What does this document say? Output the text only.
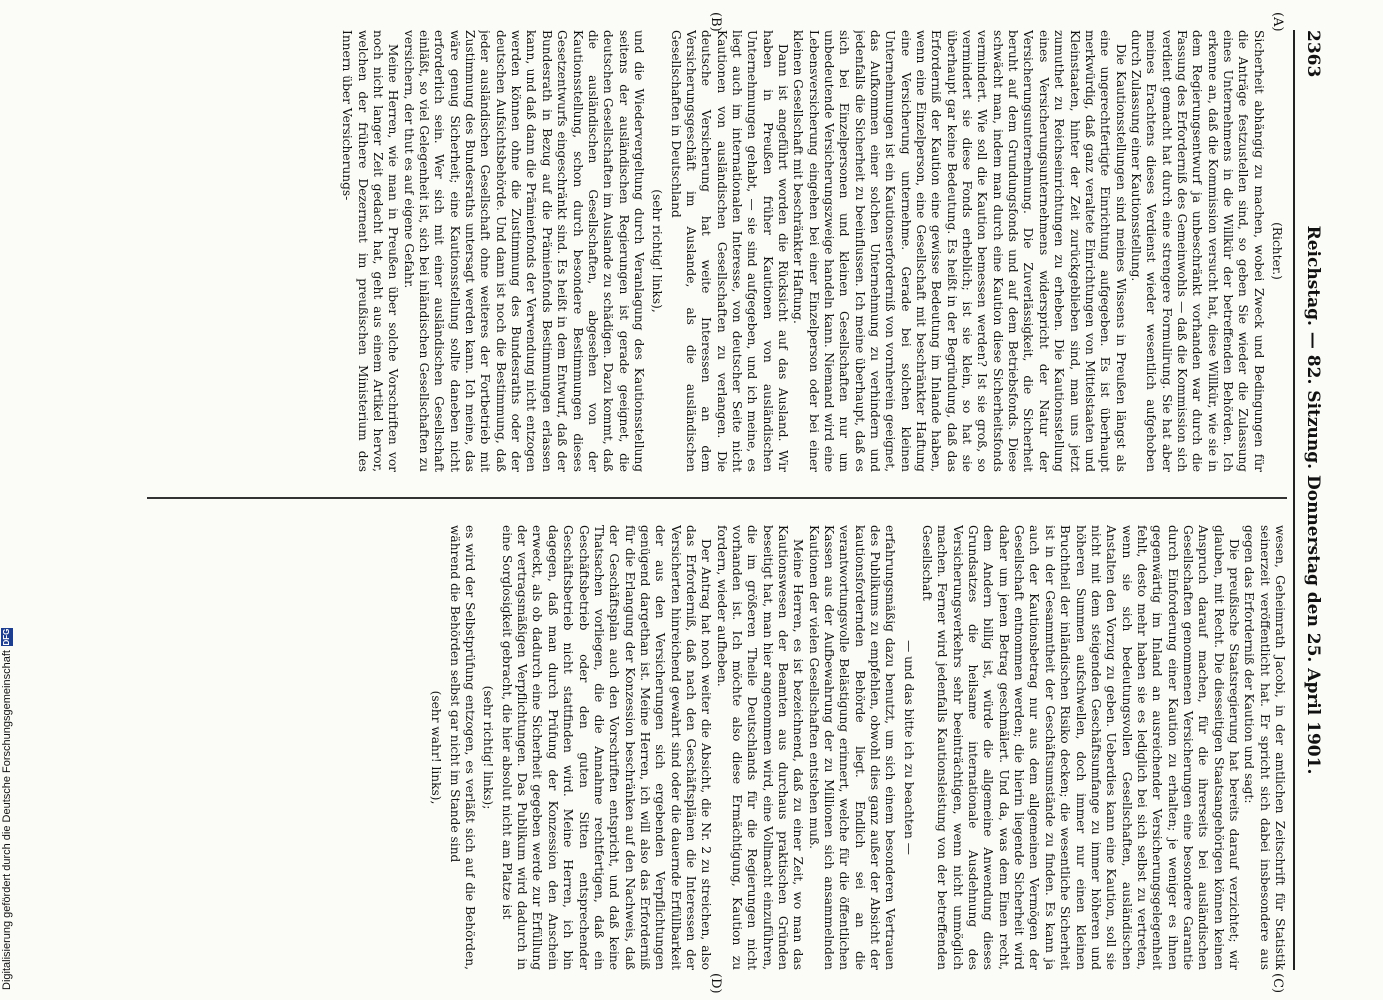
2363
Reichstag. — 82. Sitzung. Donnerstag den 25. April 1901.
(A)
(B)
(C)
(D)

(Richter.)

Sicherheit abhängig zu machen, wobei Zweck und Bedingungen für die Anträge festzustellen sind, so geben Sie wieder die Zulassung eines Unternehmens in die Willkür der betreffenden Behörden. Ich erkenne an, daß die Kommission versucht hat, diese Willkür, wie sie in dem Regierungsentwurf ja unbeschränkt vorhanden war durch die Fassung des Erforderniß des Gemeinwohls — daß die Kommission sich verdient gemacht hat durch eine strengere Formulirung. Sie hat aber meines Erachtens dieses Verdienst wieder wesentlich aufgehoben durch Zulassung einer Kautionsstellung.

Die Kautionsstellungen sind meines Wissens in Preußen längst als eine ungerechtfertigte Einrichtung aufgegeben. Es ist überhaupt merkwürdig, daß ganz veraltete Einrichtungen von Mittelstaaten und Kleinstaaten, hinter der Zeit zurückgeblieben sind, man uns jetzt zumuthet zu Reichseinrichtungen zu erheben. Die Kautionsstellung eines Versicherungsunternehmens widerspricht der Natur der Versicherungsunternehmung. Die Zuverlässigkeit, die Sicherheit beruht auf dem Grundungsfonds und auf dem Betriebsfonds. Diese schwächt man, indem man durch eine Kaution diese Sicherheitsfonds vermindert. Wie soll die Kaution bemessen werden? Ist sie groß, so vermindert sie diese Fonds erheblich; ist sie klein, so hat sie überhaupt gar keine Bedeutung. Es heißt in der Begründung, daß das Erforderniß der Kaution eine gewisse Bedeutung im Inlande haben, wenn eine Einzelperson, eine Gesellschaft mit beschränkter Haftung eine Versicherung unternehme. Gerade bei solchen kleinen Unternehmungen ist ein Kautionserforderniß von vornherein geeignet, das Aufkommen einer solchen Unternehmung zu verhindern und jedenfalls die Sicherheit zu beeinflussen. Ich meine überhaupt, daß es sich bei Einzelpersonen und kleinen Gesellschaften nur um unbedeutende Versicherungszweige handeln kann. Niemand wird eine Lebensversicherung eingehen bei einer Einzelperson oder bei einer kleinen Gesellschaft mit beschränkter Haftung.

Dann ist angeführt worden die Rücksicht auf das Ausland. Wir haben in Preußen früher Kautionen von ausländischen Unternehmungen gehabt, — sie sind aufgegeben, und ich meine, es liegt auch im internationalen Interesse, von deutscher Seite nicht Kautionen von ausländischen Gesellschaften zu verlangen. Die deutsche Versicherung hat weite Interessen an dem Versicherungsgeschäft im Auslande, als die ausländischen Gesellschaften in Deutschland

(sehr richtig! links),

und die Wiedervergeltung durch Veranlagung des Kautionsstellung seitens der ausländischen Regierungen ist gerade geeignet, die deutschen Gesellschaften im Auslande zu schädigen. Dazu kommt, daß die ausländischen Gesellschaften, abgesehen von der Kautionsstellung, schon durch besondere Bestimmungen dieses Gesetzentwurfs eingeschränkt sind. Es heißt in dem Entwurf, daß der Bundesrath in Bezug auf die Prämienfonds Bestimmungen erlassen kann, und daß dann die Prämienfonds der Verwendung nicht entzogen werden können ohne die Zustimmung des Bundesraths oder der deutschen Aufsichtsbehörde. Und dann ist noch die Bestimmung, daß jeder ausländischen Gesellschaft ohne weiteres der Fortbetrieb mit Zustimmung des Bundesraths untersagt werden kann. Ich meine, das wäre genug Sicherheit; eine Kautionsstellung sollte daneben nicht erforderlich sein. Wer sich mit einer ausländischen Gesellschaft einläßt, so viel Gelegenheit ist, sich bei inländischen Gesellschaften zu versichern, der thut es auf eigene Gefahr.

Meine Herren, wie man in Preußen über solche Vorschriften vor noch nicht langer Zeit gedacht hat, geht aus einem Artikel hervor, welchen der frühere Dezernent im preußischen Ministerium des Innern über Versicherungs-

wesen, Geheimrath Jacobi, in der amtlichen Zeitschrift für Statistik seinerzeit veröffentlicht hat. Er spricht sich dabei insbesondere aus gegen das Erforderniß der Kaution und sagt:

Die preußische Staatsregierung hat bereits darauf verzichtet; wir glauben, mit Recht. Die diesseitigen Staatsangehörigen können keinen Anspruch darauf machen, für die ihrerseits bei ausländischen Gesellschaften genommenen Versicherungen eine besondere Garantie durch Einforderung einer Kaution zu erhalten; je weniger es ihnen gegenwärtig im Inland an ausreichender Versicherungsgelegenheit fehlt, desto mehr haben sie es lediglich bei sich selbst zu vertreten, wenn sie sich bedeutungsvollen Gesellschaften, ausländischen Anstalten den Vorzug zu geben. Ueberdies kann eine Kaution, soll sie nicht mit dem steigenden Geschäftsumfange zu immer höheren und höheren Summen aufschwellen, doch immer nur einen kleinen Bruchtheil der inländischen Risiko decken; die wesentliche Sicherheit ist in der Gesammtheit der Geschäftsumstände zu finden. Es kann ja auch der Kautionsbetrag nur aus dem allgemeinen Vermögen der Gesellschaft entnommen werden; die hierin liegende Sicherheit wird daher um jenen Betrag geschmälert. Und da, was dem Einen recht, dem Andern billig ist, würde die allgemeine Anwendung dieses Grundsatzes die heilsame internationale Ausdehnung des Versicherungsverkehrs sehr beeinträchtigen, wenn nicht unmöglich machen. Ferner wird jedenfalls Kautionsleistung von der betreffenden Gesellschaft

— und das bitte ich zu beachten —

erfahrungsmäßig dazu benutzt, um sich einem besonderen Vertrauen des Publikums zu empfehlen, obwohl dies ganz außer der Absicht der kautionsfordernden Behörde liegt. Endlich sei an die verantwortungsvolle Belästigung erinnert, welche für die öffentlichen Kassen aus der Aufbewahrung der zu Millionen sich ansammelnden Kautionen der vielen Gesellschaften entstehen muß.

Meine Herren, es ist bezeichnend, daß zu einer Zeit, wo man das Kautionswesen der Beamten aus durchaus praktischen Gründen beseitigt hat, man hier angenommen wird, eine Vollmacht einzuführen, die im größeren Theile Deutschlands für die Regierungen nicht vorhanden ist. Ich möchte also diese Ermächtigung, Kaution zu fordern, wieder aufheben.

Der Antrag hat noch weiter die Absicht, die Nr. 2 zu streichen, also das Erforderniß, daß nach den Geschäftsplänen die Interessen der Versicherten hinreichend gewahrt sind oder die dauernde Erfüllbarkeit der aus den Versicherungen sich ergebenden Verpflichtungen genügend dargethan ist. Meine Herren, ich will also das Erforderniß für die Erlangung der Konzession beschränken auf den Nachweis, daß der Geschäftsplan auch den Vorschriften entspricht, und daß keine Thatsachen vorliegen, die die Annahme rechtfertigen, daß ein Geschäftsbetrieb oder den guten Sitten entsprechender Geschäftsbetrieb nicht stattfinden wird. Meine Herren, ich bin dagegen, daß man durch Prüfung der Konzession den Anschein erweckt, als ob dadurch eine Sicherheit gegeben werde zur Erfüllung der vertragsmäßigen Verpflichtungen. Das Publikum wird dadurch in eine Sorglosigkeit gebracht, die hier absolut nicht am Platze ist

(sehr richtig! links);

es wird der Selbstprüfung entzogen, es verläßt sich auf die Behörden, während die Behörden selbst gar nicht im Stande sind

(sehr wahr! links),

Digitalisierung gefördert durch die Deutsche Forschungsgemeinschaft
DFG
